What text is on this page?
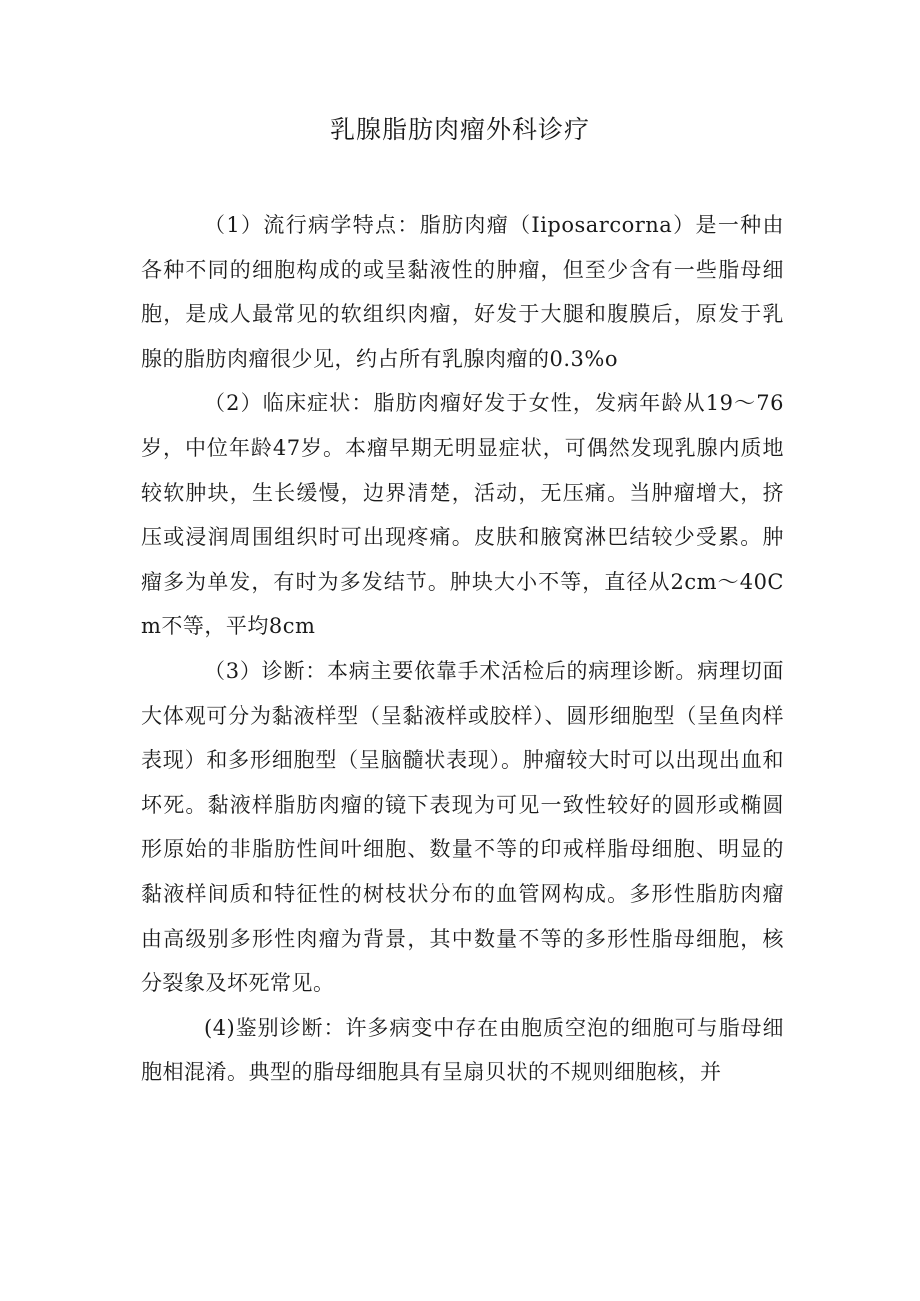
乳腺脂肪肉瘤外科诊疗

（1）流行病学特点：脂肪肉瘤（Iiposarcorna）是一种由各种不同的细胞构成的或呈黏液性的肿瘤，但至少含有一些脂母细胞，是成人最常见的软组织肉瘤，好发于大腿和腹膜后，原发于乳腺的脂肪肉瘤很少见，约占所有乳腺肉瘤的0.3%o

（2）临床症状：脂肪肉瘤好发于女性，发病年龄从19～76岁，中位年龄47岁。本瘤早期无明显症状，可偶然发现乳腺内质地较软肿块，生长缓慢，边界清楚，活动，无压痛。当肿瘤增大，挤压或浸润周围组织时可出现疼痛。皮肤和腋窝淋巴结较少受累。肿瘤多为单发，有时为多发结节。肿块大小不等，直径从2cm～40Cm不等，平均8cm

（3）诊断：本病主要依靠手术活检后的病理诊断。病理切面大体观可分为黏液样型（呈黏液样或胶样）、圆形细胞型（呈鱼肉样表现）和多形细胞型（呈脑髓状表现）。肿瘤较大时可以出现出血和坏死。黏液样脂肪肉瘤的镜下表现为可见一致性较好的圆形或椭圆形原始的非脂肪性间叶细胞、数量不等的印戒样脂母细胞、明显的黏液样间质和特征性的树枝状分布的血管网构成。多形性脂肪肉瘤由高级别多形性肉瘤为背景，其中数量不等的多形性脂母细胞，核分裂象及坏死常见。

(4)鉴别诊断：许多病变中存在由胞质空泡的细胞可与脂母细胞相混淆。典型的脂母细胞具有呈扇贝状的不规则细胞核，并
